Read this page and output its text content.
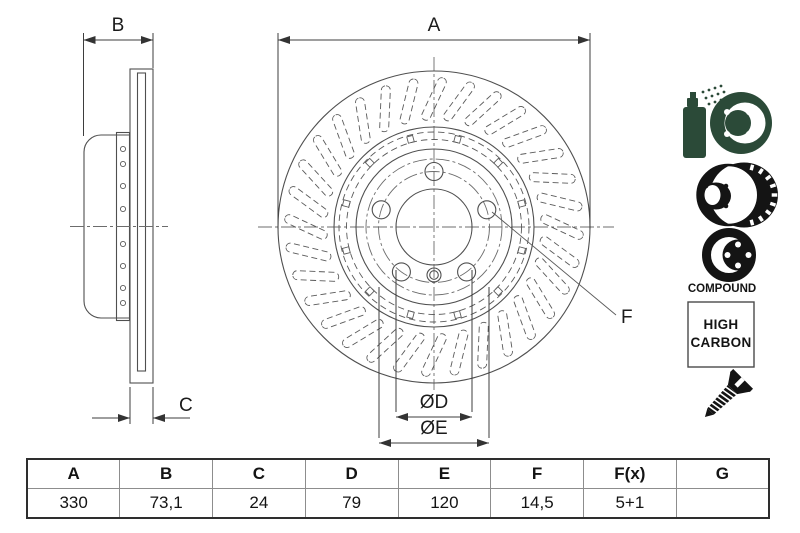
B
C
A
ØD
ØE
F
COMPOUND
HIGH
CARBON
A	B	C	D	E	F	F(x)	G
330	73,1	24	79	120	14,5	5+1	
